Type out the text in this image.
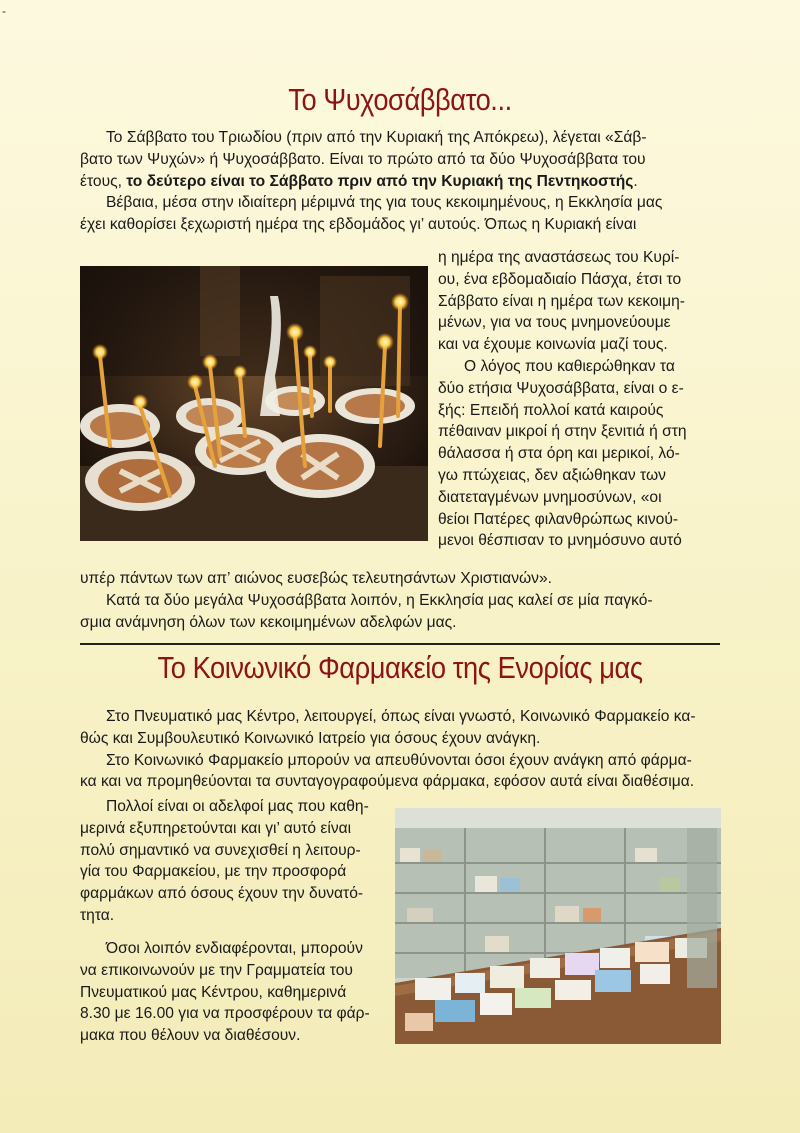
-
Το Ψυχοσάββατο...
Το Σάββατο του Τριωδίου (πριν από την Κυριακή της Απόκρεω), λέγεται «Σάβ-
βατο των Ψυχών» ή Ψυχοσάββατο. Είναι το πρώτο από τα δύο Ψυχοσάββατα του
έτους, το δεύτερο είναι το Σάββατο πριν από την Κυριακή της Πεντηκοστής.
Βέβαια, μέσα στην ιδιαίτερη μέριμνά της για τους κεκοιμημένους, η Εκκλησία μας
έχει καθορίσει ξεχωριστή ημέρα της εβδομάδος γι’ αυτούς. Όπως η Κυριακή είναι
η ημέρα της αναστάσεως του Κυρί-
ου, ένα εβδομαδιαίο Πάσχα, έτσι το
Σάββατο είναι η ημέρα των κεκοιμη-
μένων, για να τους μνημονεύουμε
και να έχουμε κοινωνία μαζί τους.
Ο λόγος που καθιερώθηκαν τα
δύο ετήσια Ψυχοσάββατα, είναι ο ε-
ξής: Επειδή πολλοί κατά καιρούς
πέθαιναν μικροί ή στην ξενιτιά ή στη
θάλασσα ή στα όρη και μερικοί, λό-
γω πτώχειας, δεν αξιώθηκαν των
διατεταγμένων μνημοσύνων, «οι
θείοι Πατέρες φιλανθρώπως κινού-
μενοι θέσπισαν το μνημόσυνο αυτό
υπέρ πάντων των απ’ αιώνος ευσεβώς τελευτησάντων Χριστιανών».
Κατά τα δύο μεγάλα Ψυχοσάββατα λοιπόν, η Εκκλησία μας καλεί σε μία παγκό-
σμια ανάμνηση όλων των κεκοιμημένων αδελφών μας.
Το Κοινωνικό Φαρμακείο της Ενορίας μας
Στο Πνευματικό μας Κέντρο, λειτουργεί, όπως είναι γνωστό, Κοινωνικό Φαρμακείο κα-
θώς και Συμβουλευτικό Κοινωνικό Ιατρείο για όσους έχουν ανάγκη.
Στο Κοινωνικό Φαρμακείο μπορούν να απευθύνονται όσοι έχουν ανάγκη από φάρμα-
κα και να προμηθεύονται τα συνταγογραφούμενα φάρμακα, εφόσον αυτά είναι διαθέσιμα.
Πολλοί είναι οι αδελφοί μας που καθη-
μερινά εξυπηρετούνται και γι’ αυτό είναι
πολύ σημαντικό να συνεχισθεί η λειτουρ-
γία του Φαρμακείου, με την προσφορά
φαρμάκων από όσους έχουν την δυνατό-
τητα.
Όσοι λοιπόν ενδιαφέρονται, μπορούν
να επικοινωνούν με την Γραμματεία του
Πνευματικού μας Κέντρου, καθημερινά
8.30 με 16.00 για να προσφέρουν τα φάρ-
μακα που θέλουν να διαθέσουν.
